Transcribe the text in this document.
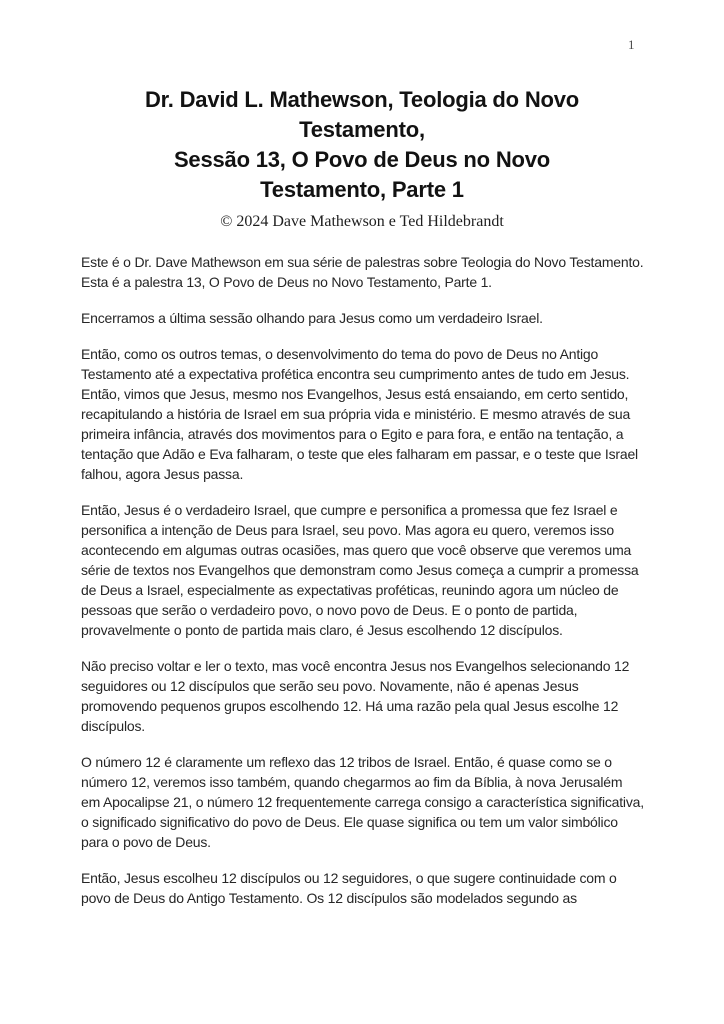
1
Dr. David L. Mathewson, Teologia do Novo
Testamento,
Sessão 13, O Povo de Deus no Novo
Testamento, Parte 1
© 2024 Dave Mathewson e Ted Hildebrandt

Este é o Dr. Dave Mathewson em sua série de palestras sobre Teologia do Novo Testamento. Esta é a palestra 13, O Povo de Deus no Novo Testamento, Parte 1.

Encerramos a última sessão olhando para Jesus como um verdadeiro Israel.

Então, como os outros temas, o desenvolvimento do tema do povo de Deus no Antigo Testamento até a expectativa profética encontra seu cumprimento antes de tudo em Jesus. Então, vimos que Jesus, mesmo nos Evangelhos, Jesus está ensaiando, em certo sentido, recapitulando a história de Israel em sua própria vida e ministério. E mesmo através de sua primeira infância, através dos movimentos para o Egito e para fora, e então na tentação, a tentação que Adão e Eva falharam, o teste que eles falharam em passar, e o teste que Israel falhou, agora Jesus passa.

Então, Jesus é o verdadeiro Israel, que cumpre e personifica a promessa que fez Israel e personifica a intenção de Deus para Israel, seu povo. Mas agora eu quero, veremos isso acontecendo em algumas outras ocasiões, mas quero que você observe que veremos uma série de textos nos Evangelhos que demonstram como Jesus começa a cumprir a promessa de Deus a Israel, especialmente as expectativas proféticas, reunindo agora um núcleo de pessoas que serão o verdadeiro povo, o novo povo de Deus. E o ponto de partida, provavelmente o ponto de partida mais claro, é Jesus escolhendo 12 discípulos.

Não preciso voltar e ler o texto, mas você encontra Jesus nos Evangelhos selecionando 12 seguidores ou 12 discípulos que serão seu povo. Novamente, não é apenas Jesus promovendo pequenos grupos escolhendo 12. Há uma razão pela qual Jesus escolhe 12 discípulos.

O número 12 é claramente um reflexo das 12 tribos de Israel. Então, é quase como se o número 12, veremos isso também, quando chegarmos ao fim da Bíblia, à nova Jerusalém em Apocalipse 21, o número 12 frequentemente carrega consigo a característica significativa, o significado significativo do povo de Deus. Ele quase significa ou tem um valor simbólico para o povo de Deus.

Então, Jesus escolheu 12 discípulos ou 12 seguidores, o que sugere continuidade com o povo de Deus do Antigo Testamento. Os 12 discípulos são modelados segundo as
